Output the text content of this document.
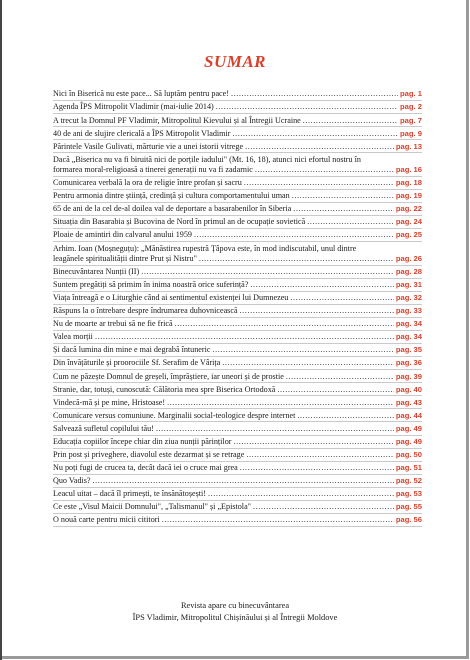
SUMAR
Nici în Biserică nu este pace... Să luptăm pentru pace! .....	pag. 1
Agenda ÎPS Mitropolit Vladimir (mai-iulie 2014) .....	pag. 2
A trecut la Domnul PF Vladimir, Mitropolitul Kievului și al Întregii Ucraine .....	pag. 7
40 de ani de slujire clericală a ÎPS Mitropolit Vladimir .....	pag. 9
Părintele Vasile Gulivati, mărturie vie a unei istorii vitrege .....	pag. 13
Dacă „Biserica nu va fi biruită nici de porțile iadului" (Mt. 16, 18), atunci nici efortul nostru în
formarea moral-religioasă a tinerei generații nu va fi zadarnic .....	pag. 16
Comunicarea verbală la ora de religie între profan și sacru .....	pag. 18
Pentru armonia dintre știință, credință și cultura comportamentului uman .....	pag. 19
65 de ani de la cel de-al doilea val de deportare a basarabenilor în Siberia .....	pag. 22
Situația din Basarabia și Bucovina de Nord în primul an de ocupație sovietică .....	pag. 24
Ploaie de amintiri din calvarul anului 1959 .....	pag. 25
Arhim. Ioan (Moșneguțu): „Mănăstirea rupestră Țâpova este, în mod indiscutabil, unul dintre
leagănele spiritualității dintre Prut și Nistru" .....	pag. 26
Binecuvântarea Nunții (II) .....	pag. 28
Suntem pregătiți să primim în inima noastră orice suferință? .....	pag. 31
Viața întreagă e o Liturghie când ai sentimentul existenței lui Dumnezeu .....	pag. 32
Răspuns la o întrebare despre îndrumarea duhovnicească .....	pag. 33
Nu de moarte ar trebui să ne fie frică .....	pag. 34
Valea morții .....	pag. 34
Și dacă lumina din mine e mai degrabă întuneric .....	pag. 35
Din învățăturile și proorociile Sf. Serafim de Vârița .....	pag. 36
Cum ne păzește Domnul de greșeli, împrăștiere, iar uneori și de prostie .....	pag. 39
Stranie, dar, totuși, cunoscută: Călătoria mea spre Biserica Ortodoxă .....	pag. 40
Vindecă-mă și pe mine, Hristoase! .....	pag. 43
Comunicare versus comuniune. Marginalii social-teologice despre internet .....	pag. 44
Salvează sufletul copilului tău! .....	pag. 49
Educația copiilor începe chiar din ziua nunții părinților .....	pag. 49
Prin post și priveghere, diavolul este dezarmat și se retrage .....	pag. 50
Nu poți fugi de crucea ta, decât dacă iei o cruce mai grea .....	pag. 51
Quo Vadis? .....	pag. 52
Leacul uitat – dacă îl primești, te însănătoșești! .....	pag. 53
Ce este „Visul Maicii Domnului", „Talismanul" și „Epistola" .....	pag. 55
O nouă carte pentru micii cititori .....	pag. 56
Revista apare cu binecuvântarea
ÎPS Vladimir, Mitropolitul Chișinăului și al Întregii Moldove
